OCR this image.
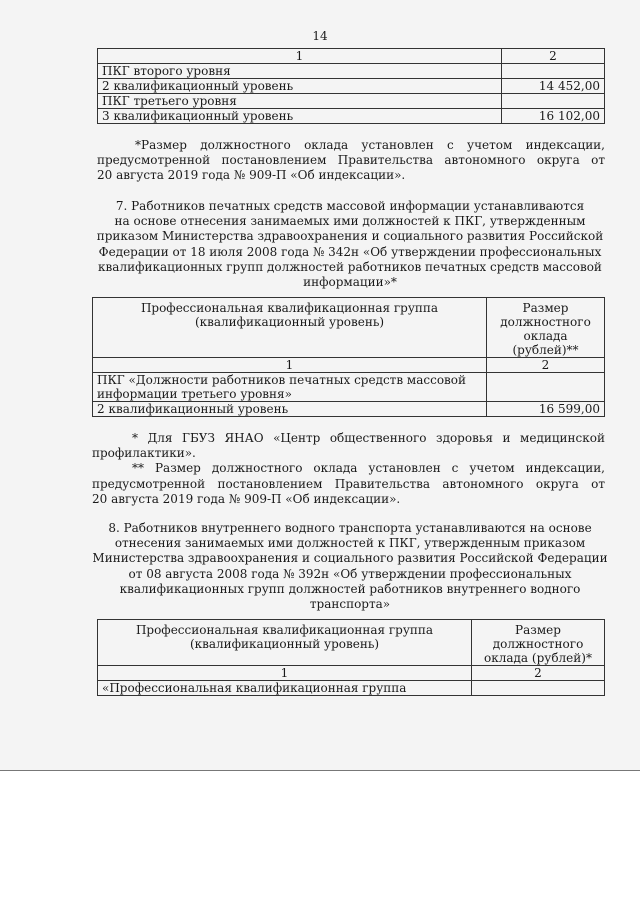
14
1	2
ПКГ второго уровня	
2 квалификационный уровень	14 452,00
ПКГ третьего уровня	
3 квалификационный уровень	16 102,00
*Размер должностного оклада установлен с учетом индексации,
предусмотренной постановлением Правительства автономного округа от
20 августа 2019 года № 909-П «Об индексации».
7. Работников печатных средств массовой информации устанавливаются
на основе отнесения занимаемых ими должностей к ПКГ, утвержденным
приказом Министерства здравоохранения и социального развития Российской
Федерации от 18 июля 2008 года № 342н «Об утверждении профессиональных
квалификационных групп должностей работников печатных средств массовой
информации»*
Профессиональная квалификационная группа
(квалификационный уровень)	Размер
должностного
оклада
(рублей)**

1	2

ПКГ «Должности работников печатных средств массовой
информации третьего уровня»	

2 квалификационный уровень	16 599,00
* Для ГБУЗ ЯНАО «Центр общественного здоровья и медицинской
профилактики».
** Размер должностного оклада установлен с учетом индексации,
предусмотренной постановлением Правительства автономного округа от
20 августа 2019 года № 909-П «Об индексации».
8. Работников внутреннего водного транспорта устанавливаются на основе
отнесения занимаемых ими должностей к ПКГ, утвержденным приказом
Министерства здравоохранения и социального развития Российской Федерации
от 08 августа 2008 года № 392н «Об утверждении профессиональных
квалификационных групп должностей работников внутреннего водного
транспорта»
Профессиональная квалификационная группа
(квалификационный уровень)	Размер
должностного
оклада (рублей)*

1	2
«Профессиональная квалификационная группа	
